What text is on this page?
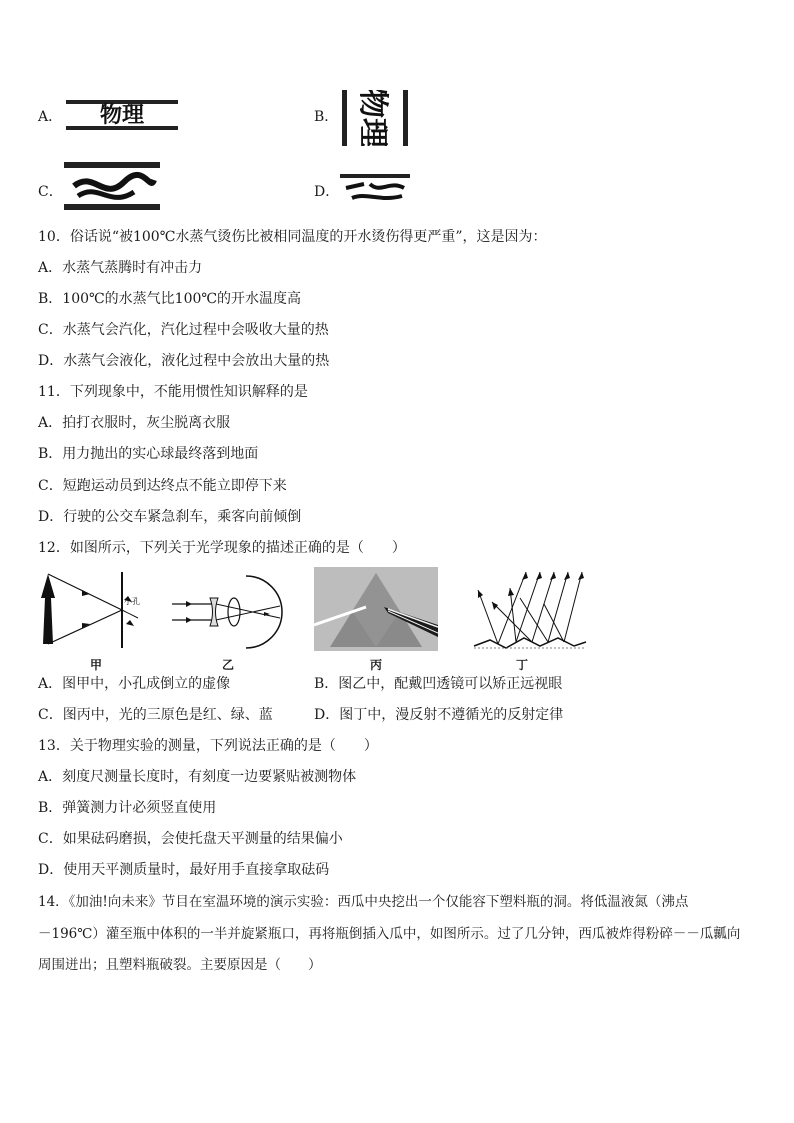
A． 物理	B． 物理
C．	D．
10．俗话说“被100℃水蒸气烫伤比被相同温度的开水烫伤得更严重”，这是因为：
A．水蒸气蒸腾时有冲击力
B．100℃的水蒸气比100℃的开水温度高
C．水蒸气会汽化，汽化过程中会吸收大量的热
D．水蒸气会液化，液化过程中会放出大量的热
11．下列现象中，不能用惯性知识解释的是
A．拍打衣服时，灰尘脱离衣服
B．用力抛出的实心球最终落到地面
C．短跑运动员到达终点不能立即停下来
D．行驶的公交车紧急刹车，乘客向前倾倒
12．如图所示，下列关于光学现象的描述正确的是（　　）
小孔
甲	乙	丙	丁
A．图甲中，小孔成倒立的虚像	B．图乙中，配戴凹透镜可以矫正远视眼
C．图丙中，光的三原色是红、绿、蓝	D．图丁中，漫反射不遵循光的反射定律
13．关于物理实验的测量，下列说法正确的是（　　）
A．刻度尺测量长度时，有刻度一边要紧贴被测物体
B．弹簧测力计必须竖直使用
C．如果砝码磨损，会使托盘天平测量的结果偏小
D．使用天平测质量时，最好用手直接拿取砝码
14．《加油!向未来》节目在室温环境的演示实验：西瓜中央挖出一个仅能容下塑料瓶的洞。将低温液氮（沸点
－196℃）灌至瓶中体积的一半并旋紧瓶口，再将瓶倒插入瓜中，如图所示。过了几分钟，西瓜被炸得粉碎－－瓜瓤向
周围迸出；且塑料瓶破裂。主要原因是（　　）
